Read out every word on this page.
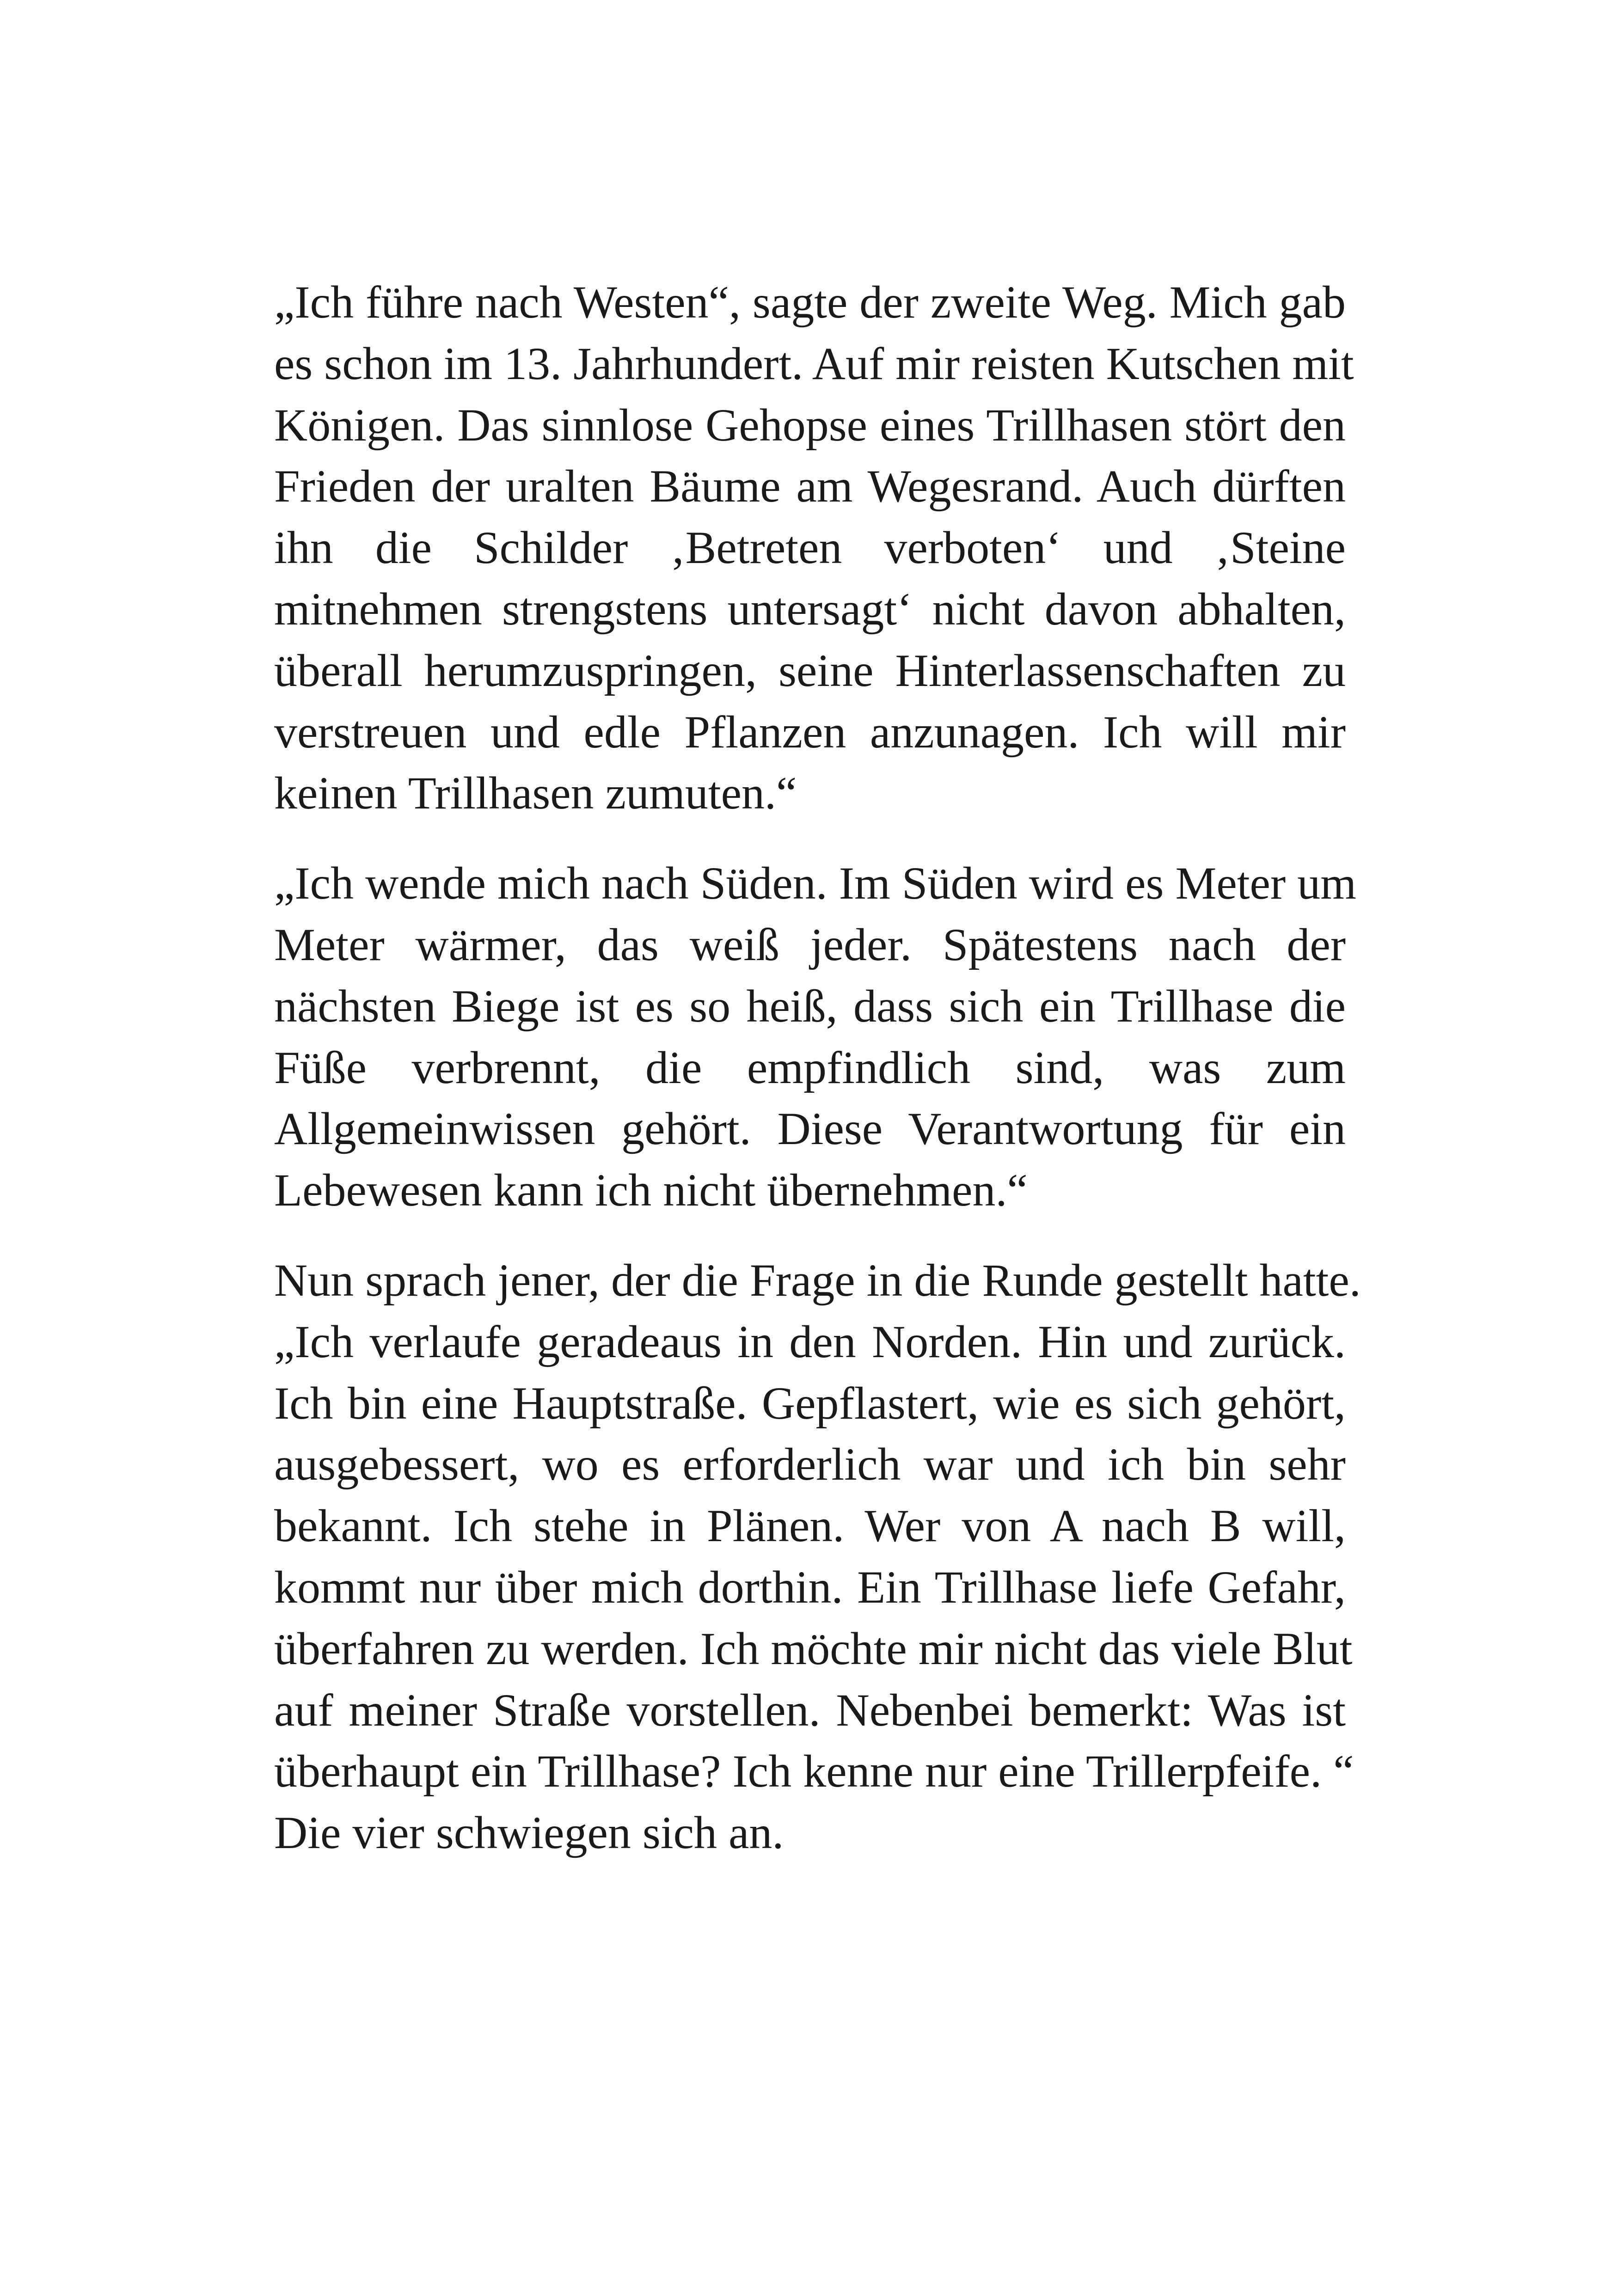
„Ich führe nach Westen“, sagte der zweite Weg. Mich gab
es schon im 13. Jahrhundert. Auf mir reisten Kutschen mit
Königen. Das sinnlose Gehopse eines Trillhasen stört den
Frieden der uralten Bäume am Wegesrand. Auch dürften
ihn die Schilder ‚Betreten verboten‘ und ‚Steine
mitnehmen strengstens untersagt‘ nicht davon abhalten,
überall herumzuspringen, seine Hinterlassenschaften zu
verstreuen und edle Pflanzen anzunagen. Ich will mir
keinen Trillhasen zumuten.“

„Ich wende mich nach Süden. Im Süden wird es Meter um
Meter wärmer, das weiß jeder. Spätestens nach der
nächsten Biege ist es so heiß, dass sich ein Trillhase die
Füße verbrennt, die empfindlich sind, was zum
Allgemeinwissen gehört. Diese Verantwortung für ein
Lebewesen kann ich nicht übernehmen.“

Nun sprach jener, der die Frage in die Runde gestellt hatte.
„Ich verlaufe geradeaus in den Norden. Hin und zurück.
Ich bin eine Hauptstraße. Gepflastert, wie es sich gehört,
ausgebessert, wo es erforderlich war und ich bin sehr
bekannt. Ich stehe in Plänen. Wer von A nach B will,
kommt nur über mich dorthin. Ein Trillhase liefe Gefahr,
überfahren zu werden. Ich möchte mir nicht das viele Blut
auf meiner Straße vorstellen. Nebenbei bemerkt: Was ist
überhaupt ein Trillhase? Ich kenne nur eine Trillerpfeife. “
Die vier schwiegen sich an.
